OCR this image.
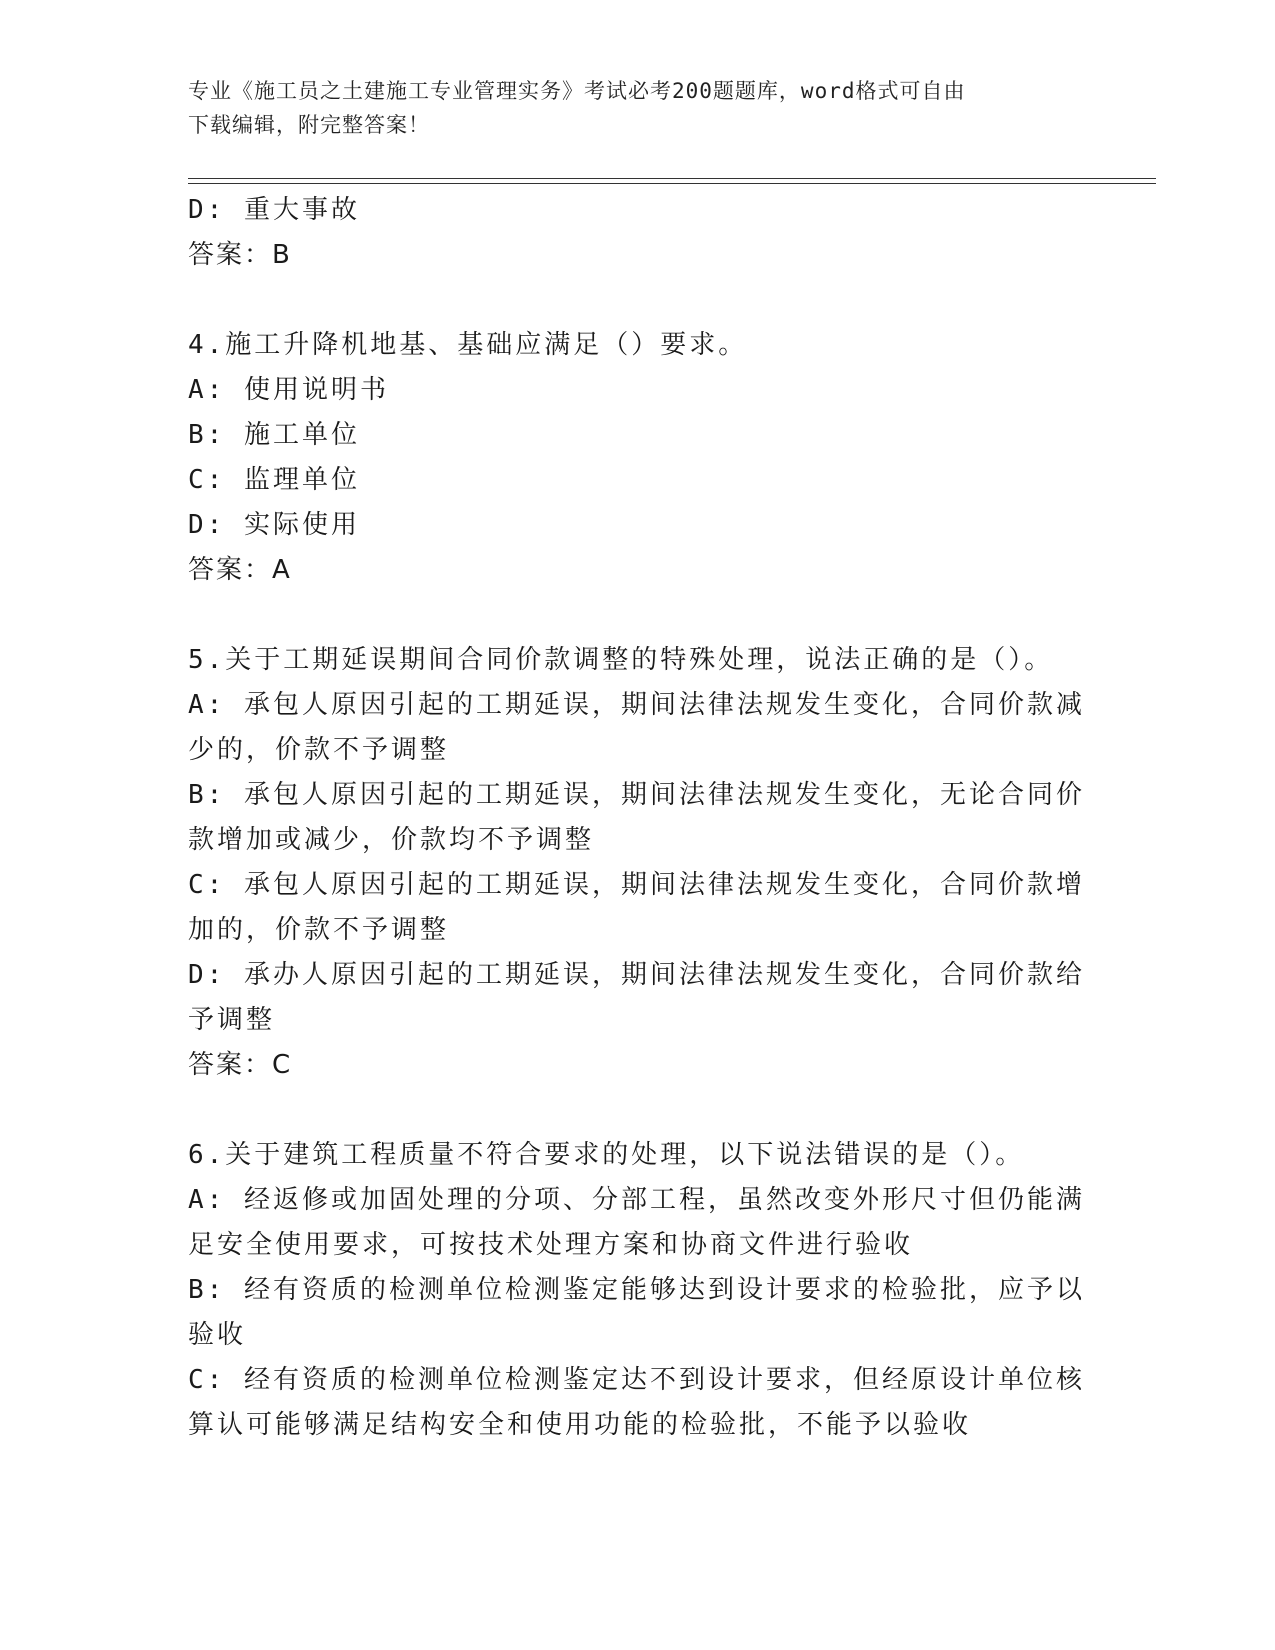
专业《施工员之土建施工专业管理实务》考试必考200题题库，word格式可自由
下载编辑，附完整答案！

D: 重大事故

答案：B

4.施工升降机地基、基础应满足（）要求。

A: 使用说明书

B: 施工单位

C: 监理单位

D: 实际使用

答案：A

5.关于工期延误期间合同价款调整的特殊处理，说法正确的是（）。

A: 承包人原因引起的工期延误，期间法律法规发生变化，合同价款减

少的，价款不予调整

B: 承包人原因引起的工期延误，期间法律法规发生变化，无论合同价

款增加或减少，价款均不予调整

C: 承包人原因引起的工期延误，期间法律法规发生变化，合同价款增

加的，价款不予调整

D: 承办人原因引起的工期延误，期间法律法规发生变化，合同价款给

予调整

答案：C

6.关于建筑工程质量不符合要求的处理，以下说法错误的是（）。

A: 经返修或加固处理的分项、分部工程，虽然改变外形尺寸但仍能满

足安全使用要求，可按技术处理方案和协商文件进行验收

B: 经有资质的检测单位检测鉴定能够达到设计要求的检验批，应予以

验收

C: 经有资质的检测单位检测鉴定达不到设计要求，但经原设计单位核

算认可能够满足结构安全和使用功能的检验批，不能予以验收
